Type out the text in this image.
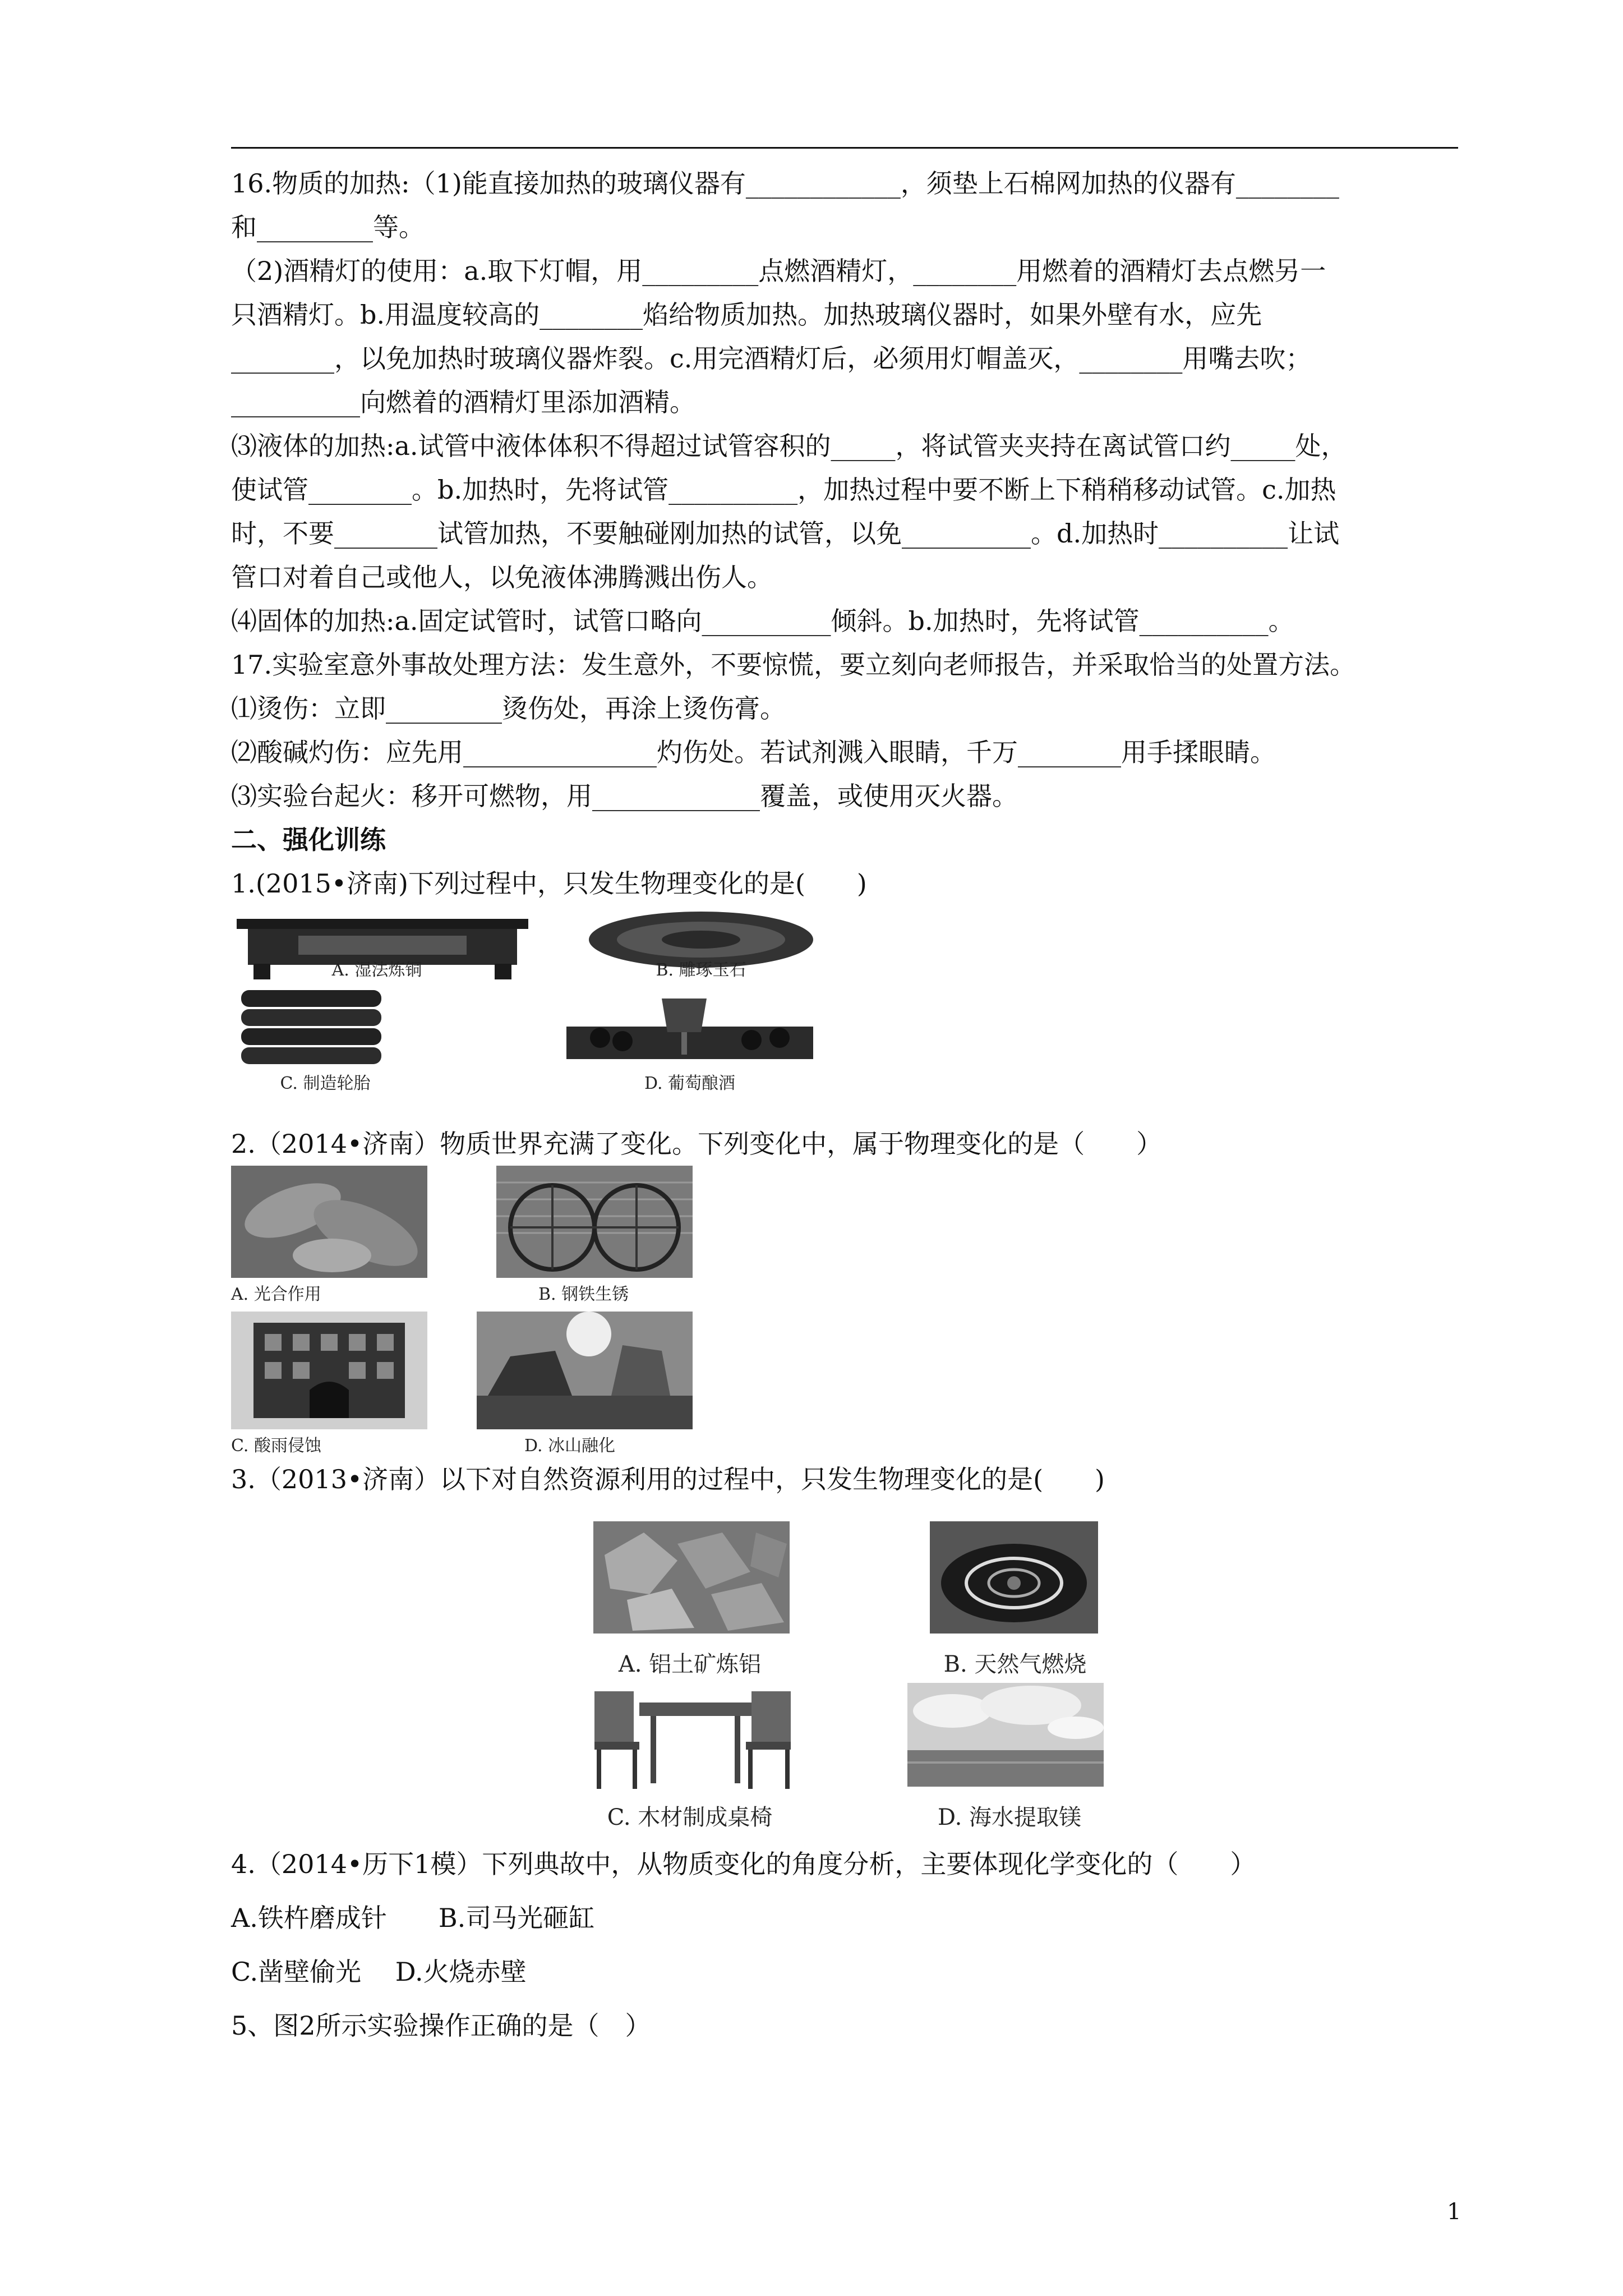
16.物质的加热:（1)能直接加热的玻璃仪器有____________，须垫上石棉网加热的仪器有________
和_________等。
（2)酒精灯的使用：a.取下灯帽，用_________点燃酒精灯，________用燃着的酒精灯去点燃另一
只酒精灯。b.用温度较高的________焰给物质加热。加热玻璃仪器时，如果外壁有水，应先
________，以免加热时玻璃仪器炸裂。c.用完酒精灯后，必须用灯帽盖灭，________用嘴去吹；
__________向燃着的酒精灯里添加酒精。
⑶液体的加热:a.试管中液体体积不得超过试管容积的_____，将试管夹夹持在离试管口约_____处，
使试管________。b.加热时，先将试管__________，加热过程中要不断上下稍稍移动试管。c.加热
时，不要________试管加热，不要触碰刚加热的试管，以免__________。d.加热时__________让试
管口对着自己或他人，以免液体沸腾溅出伤人。
⑷固体的加热:a.固定试管时，试管口略向__________倾斜。b.加热时，先将试管__________。
17.实验室意外事故处理方法：发生意外，不要惊慌，要立刻向老师报告，并采取恰当的处置方法。
⑴烫伤：立即_________烫伤处，再涂上烫伤膏。
⑵酸碱灼伤：应先用_______________灼伤处。若试剂溅入眼睛，千万________用手揉眼睛。
⑶实验台起火：移开可燃物，用_____________覆盖，或使用灭火器。
二、强化训练
1.(2015•济南)下列过程中，只发生物理变化的是(　　)
A. 湿法炼铜	B. 雕琢玉石
C. 制造轮胎	D. 葡萄酿酒
2.（2014•济南）物质世界充满了变化。下列变化中，属于物理变化的是（　　）
A. 光合作用	B. 钢铁生锈
C. 酸雨侵蚀	D. 冰山融化
3.（2013•济南）以下对自然资源利用的过程中，只发生物理变化的是(　　)
A. 铝土矿炼铝	B. 天然气燃烧
C. 木材制成桌椅	D. 海水提取镁
4.（2014•历下1模）下列典故中，从物质变化的角度分析，主要体现化学变化的（　　）
A.铁杵磨成针　　B.司马光砸缸
C.凿壁偷光　 D.火烧赤壁
5、图2所示实验操作正确的是（　）
1
